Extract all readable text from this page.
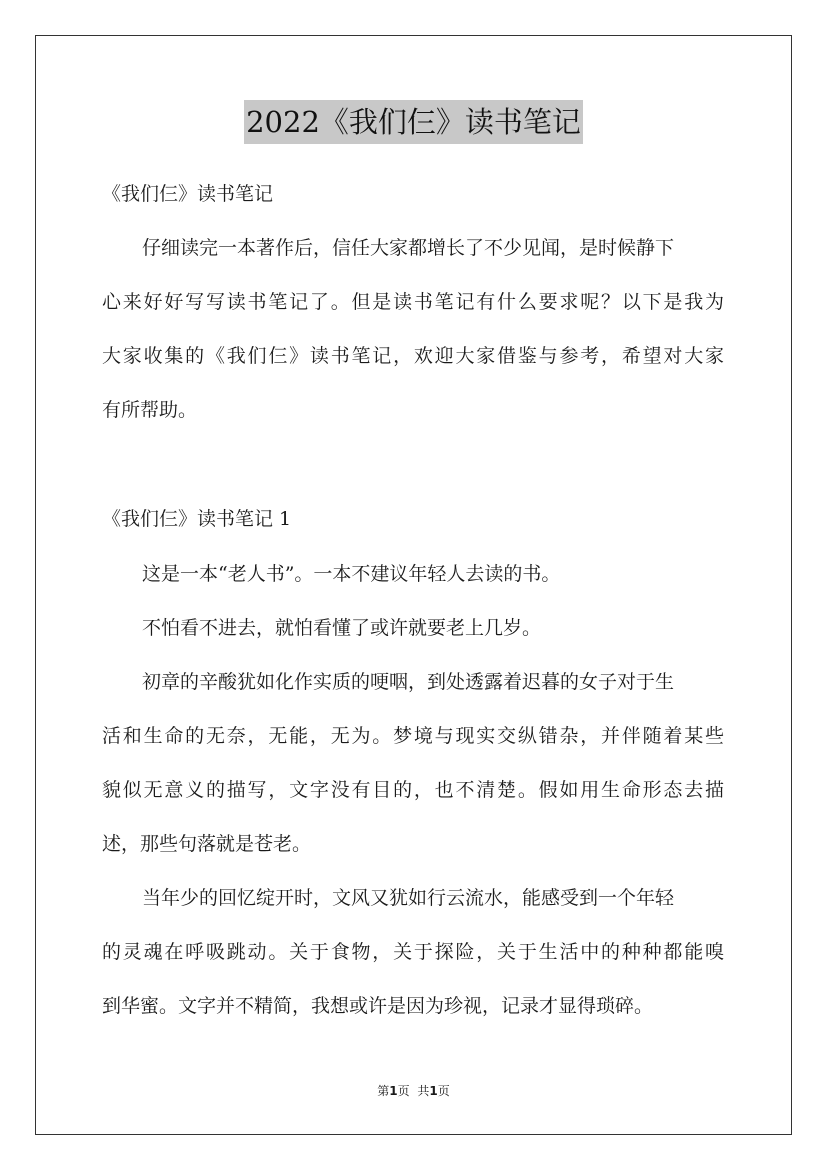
2022《我们仨》读书笔记
《我们仨》读书笔记
仔细读完一本著作后，信任大家都增长了不少见闻，是时候静下
心来好好写写读书笔记了。但是读书笔记有什么要求呢？以下是我为
大家收集的《我们仨》读书笔记，欢迎大家借鉴与参考，希望对大家
有所帮助。
《我们仨》读书笔记 1
这是一本“老人书”。一本不建议年轻人去读的书。
不怕看不进去，就怕看懂了或许就要老上几岁。
初章的辛酸犹如化作实质的哽咽，到处透露着迟暮的女子对于生
活和生命的无奈，无能，无为。梦境与现实交纵错杂，并伴随着某些
貌似无意义的描写，文字没有目的，也不清楚。假如用生命形态去描
述，那些句落就是苍老。
当年少的回忆绽开时，文风又犹如行云流水，能感受到一个年轻
的灵魂在呼吸跳动。关于食物，关于探险，关于生活中的种种都能嗅
到华蜜。文字并不精简，我想或许是因为珍视，记录才显得琐碎。
第1页 共1页
